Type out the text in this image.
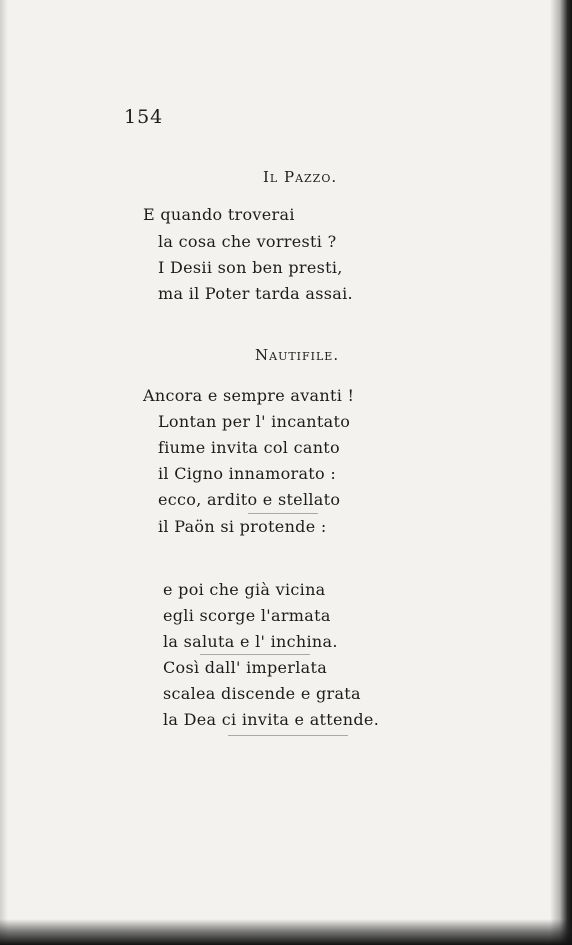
154
Il Pazzo.
E quando troverai
la cosa che vorresti ?
I Desii son ben presti,
ma il Poter tarda assai.
Nautifile.
Ancora e sempre avanti !
Lontan per l' incantato
fiume invita col canto
il Cigno innamorato :
ecco, ardito e stellato
il Paön si protende :
e poi che già vicina
egli scorge l'armata
la saluta e l' inchina.
Così dall' imperlata
scalea discende e grata
la Dea ci invita e attende.
